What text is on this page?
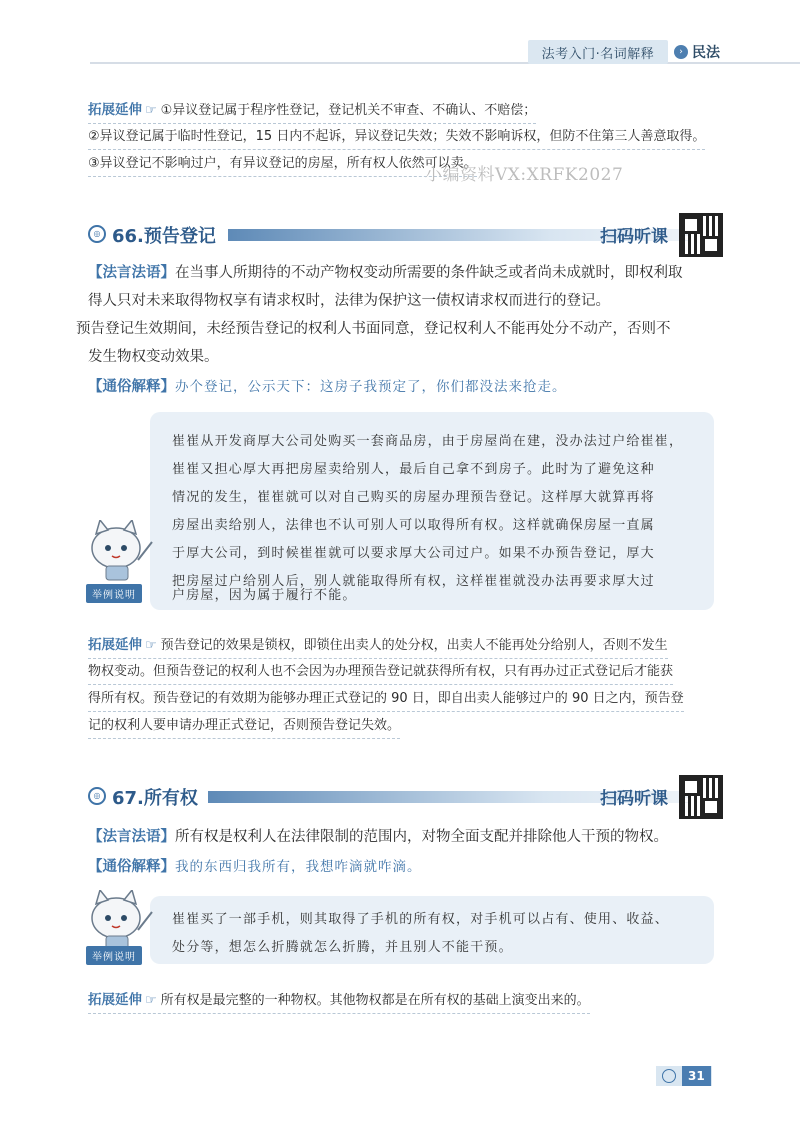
法考入门·名词解释	› 民法
拓展延伸 ☞ ①异议登记属于程序性登记，登记机关不审查、不确认、不赔偿；
②异议登记属于临时性登记，15 日内不起诉，异议登记失效；失效不影响诉权，但防不住第三人善意取得。
③异议登记不影响过户，有异议登记的房屋，所有权人依然可以卖。
小编资料VX:XRFK2027
◎ 66.预告登记	扫码听课
【法言法语】在当事人所期待的不动产物权变动所需要的条件缺乏或者尚未成就时，即权利取
得人只对未来取得物权享有请求权时，法律为保护这一债权请求权而进行的登记。
预告登记生效期间，未经预告登记的权利人书面同意，登记权利人不能再处分不动产，否则不
发生物权变动效果。
【通俗解释】办个登记，公示天下：这房子我预定了，你们都没法来抢走。
举例说明
崔崔从开发商厚大公司处购买一套商品房，由于房屋尚在建，没办法过户给崔崔，
崔崔又担心厚大再把房屋卖给别人，最后自己拿不到房子。此时为了避免这种
情况的发生，崔崔就可以对自己购买的房屋办理预告登记。这样厚大就算再将
房屋出卖给别人，法律也不认可别人可以取得所有权。这样就确保房屋一直属
于厚大公司，到时候崔崔就可以要求厚大公司过户。如果不办预告登记，厚大
把房屋过户给别人后，别人就能取得所有权，这样崔崔就没办法再要求厚大过
户房屋，因为属于履行不能。
拓展延伸 ☞ 预告登记的效果是锁权，即锁住出卖人的处分权，出卖人不能再处分给别人，否则不发生
物权变动。但预告登记的权利人也不会因为办理预告登记就获得所有权，只有再办过正式登记后才能获
得所有权。预告登记的有效期为能够办理正式登记的 90 日，即自出卖人能够过户的 90 日之内，预告登
记的权利人要申请办理正式登记，否则预告登记失效。
◎ 67.所有权	扫码听课
【法言法语】所有权是权利人在法律限制的范围内，对物全面支配并排除他人干预的物权。
【通俗解释】我的东西归我所有，我想咋滴就咋滴。
举例说明
崔崔买了一部手机，则其取得了手机的所有权，对手机可以占有、使用、收益、
处分等，想怎么折腾就怎么折腾，并且别人不能干预。
拓展延伸 ☞ 所有权是最完整的一种物权。其他物权都是在所有权的基础上演变出来的。
31
